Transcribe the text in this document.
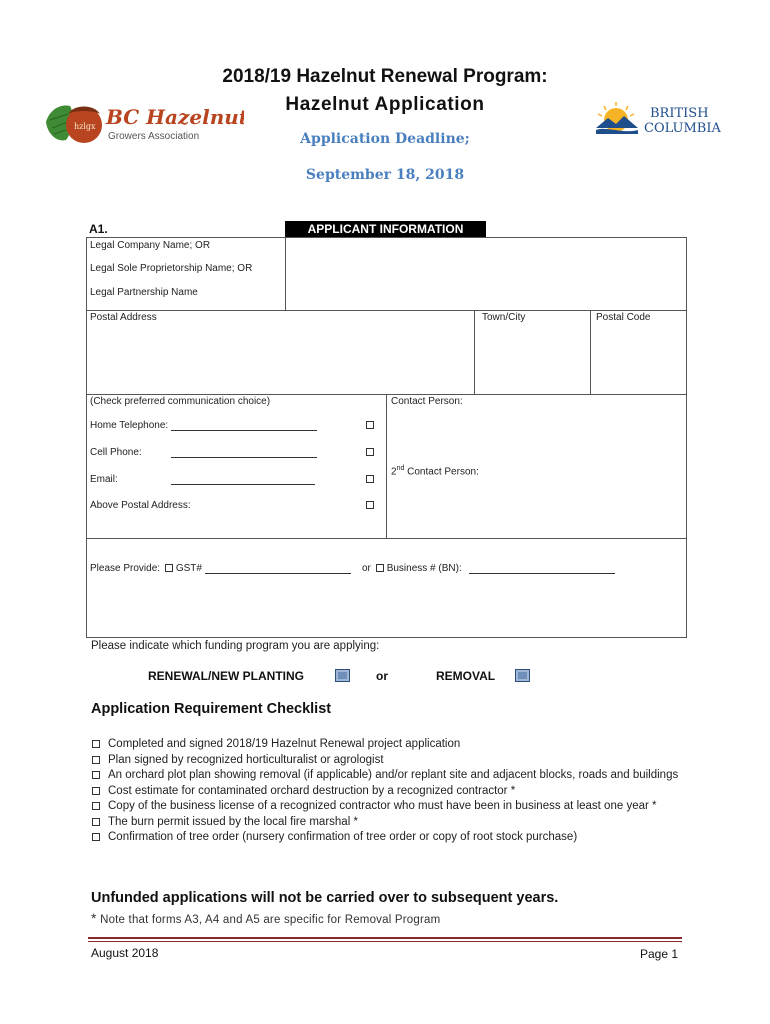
2018/19 Hazelnut Renewal Program:
Hazelnut Application
Application Deadline;
September 18, 2018
hzlgx BC Hazelnut
Growers Association
BRITISH
COLUMBIA
A1.	APPLICANT INFORMATION
Legal Company Name; OR
Legal Sole Proprietorship Name; OR
Legal Partnership Name
Postal Address	Town/City	Postal Code
(Check preferred communication choice)	Contact Person:
2nd Contact Person:
Home Telephone:
Cell Phone:
Email:
Above Postal Address:
Please Provide: GST#	or Business # (BN):
Please indicate which funding program you are applying:
RENEWAL/NEW PLANTING	or	REMOVAL
Application Requirement Checklist
Completed and signed 2018/19 Hazelnut Renewal project application
Plan signed by recognized horticulturalist or agrologist
An orchard plot plan showing removal (if applicable) and/or replant site and adjacent blocks, roads and buildings
Cost estimate for contaminated orchard destruction by a recognized contractor *
Copy of the business license of a recognized contractor who must have been in business at least one year *
The burn permit issued by the local fire marshal *
Confirmation of tree order (nursery confirmation of tree order or copy of root stock purchase)
Unfunded applications will not be carried over to subsequent years.
* Note that forms A3, A4 and A5 are specific for Removal Program
August 2018	Page 1
